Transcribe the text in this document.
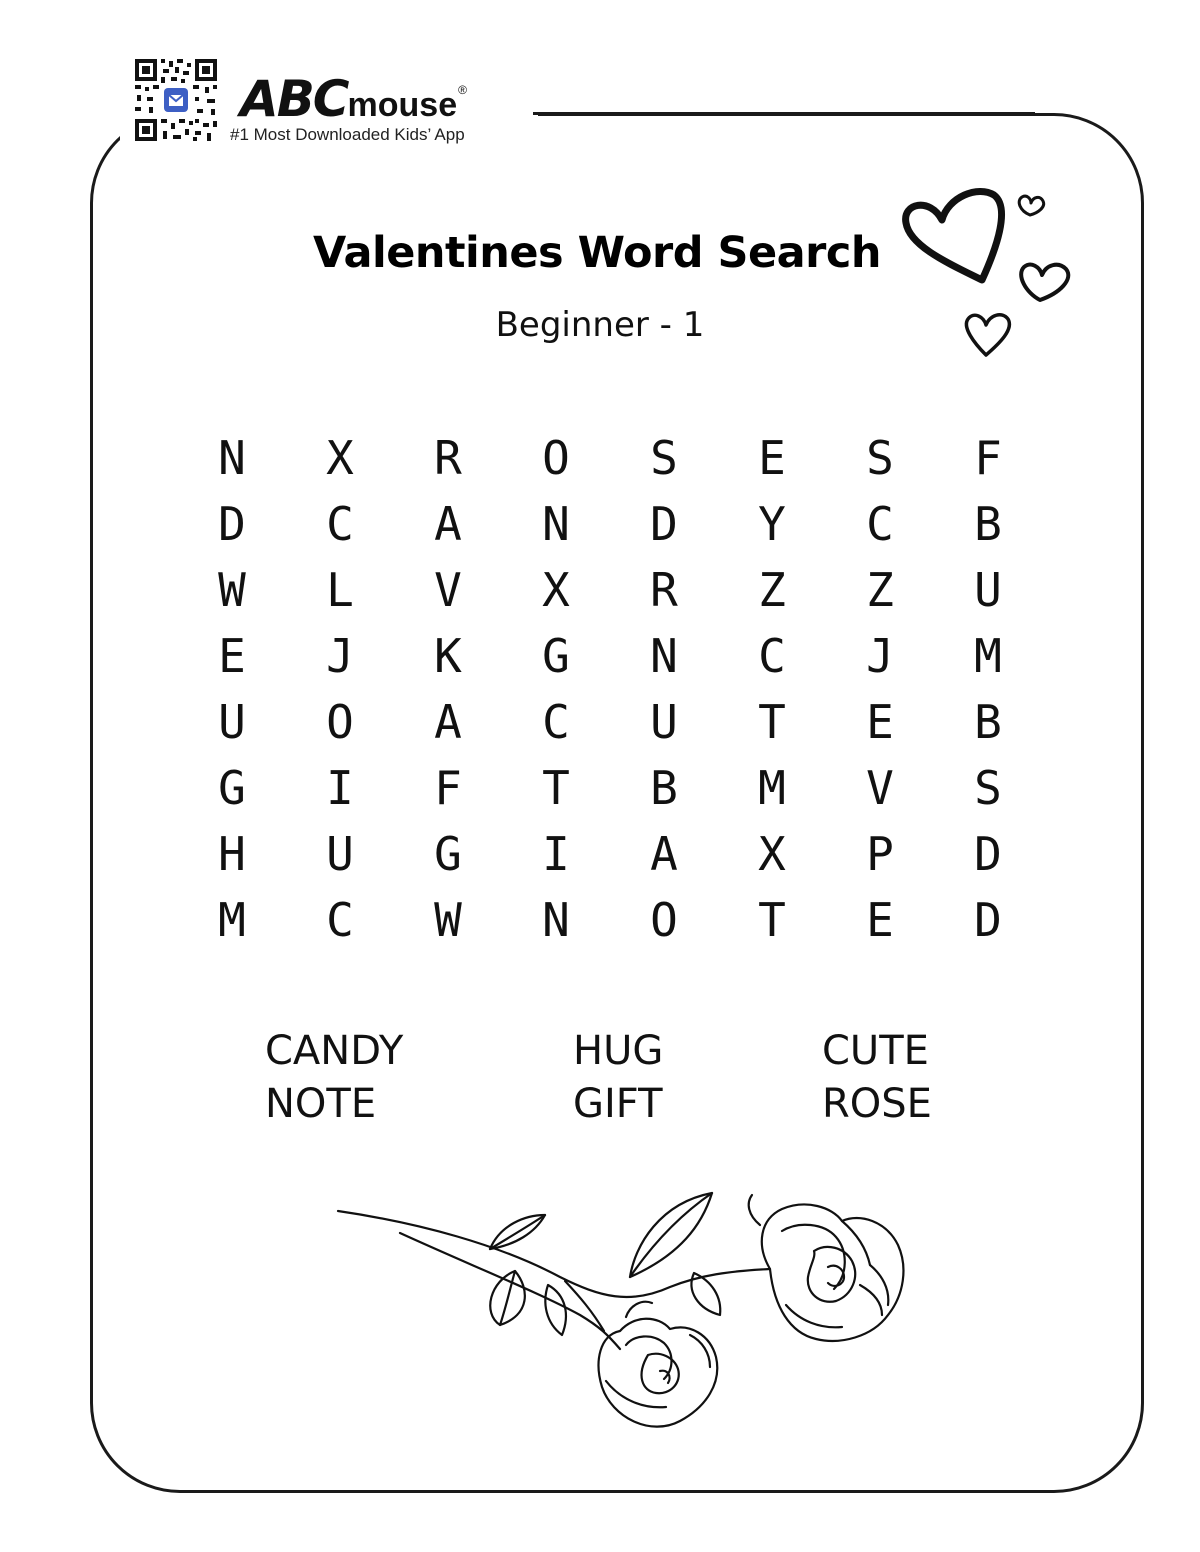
ABC mouse ®
#1 Most Downloaded Kids’ App
Valentines Word Search
Beginner - 1
N	X	R	O	S	E	S	F
D	C	A	N	D	Y	C	B
W	L	V	X	R	Z	Z	U
E	J	K	G	N	C	J	M
U	O	A	C	U	T	E	B
G	I	F	T	B	M	V	S
H	U	G	I	A	X	P	D
M	C	W	N	O	T	E	D
CANDY
NOTE
HUG
GIFT
CUTE
ROSE
